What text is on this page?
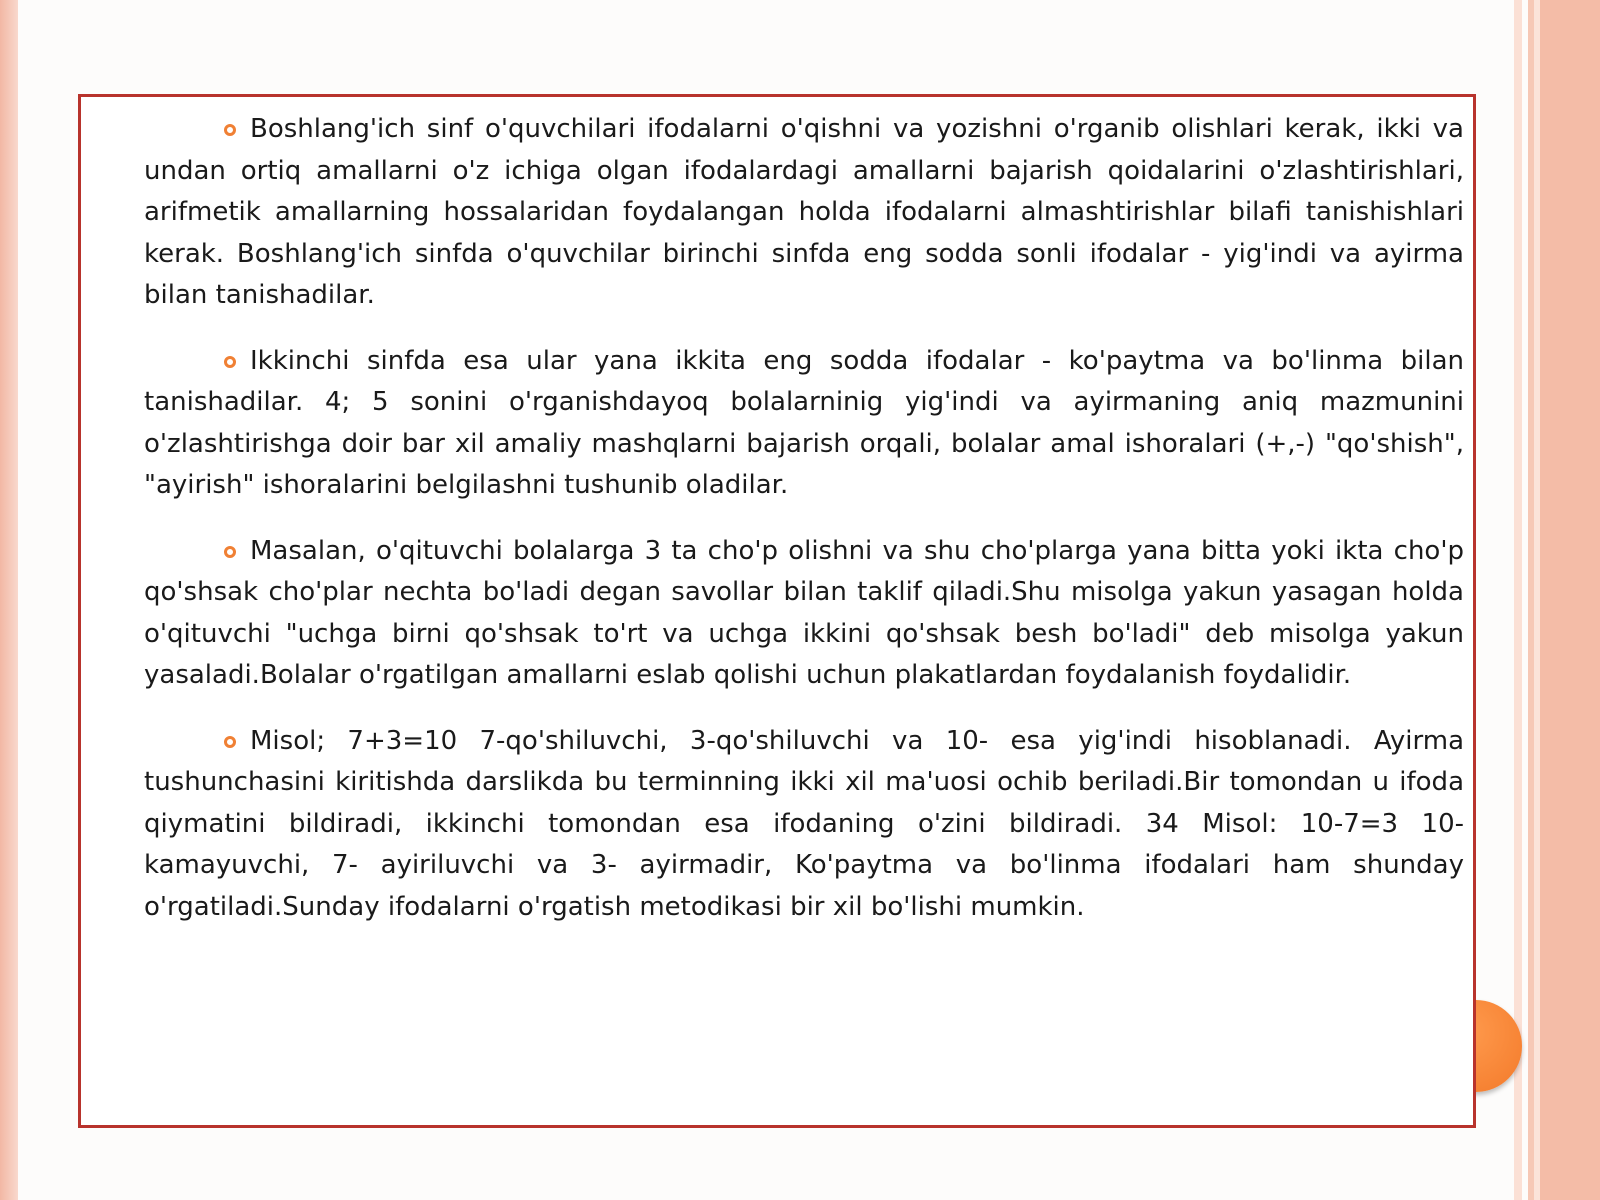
Boshlang'ich sinf o'quvchilari ifodalarni o'qishni va yozishni o'rganib olishlari kerak, ikki va undan ortiq amallarni o'z ichiga olgan ifodalardagi amallarni bajarish qoidalarini o'zlashtirishlari, arifmetik amallarning hossalaridan foydalangan holda ifodalarni almashtirishlar bilafi tanishishlari kerak. Boshlang'ich sinfda o'quvchilar birinchi sinfda eng sodda sonli ifodalar - yig'indi va ayirma bilan tanishadilar.

Ikkinchi sinfda esa ular yana ikkita eng sodda ifodalar - ko'paytma va bo'linma bilan tanishadilar. 4; 5 sonini o'rganishdayoq bolalarninig yig'indi va ayirmaning aniq mazmunini o'zlashtirishga doir bar xil amaliy mashqlarni bajarish orqali, bolalar amal ishoralari (+,-) "qo'shish", "ayirish" ishoralarini belgilashni tushunib oladilar.

Masalan, o'qituvchi bolalarga 3 ta cho'p olishni va shu cho'plarga yana bitta yoki ikta cho'p qo'shsak cho'plar nechta bo'ladi degan savollar bilan taklif qiladi.Shu misolga yakun yasagan holda o'qituvchi "uchga birni qo'shsak to'rt va uchga ikkini qo'shsak besh bo'ladi" deb misolga yakun yasaladi.Bolalar o'rgatilgan amallarni eslab qolishi uchun plakatlardan foydalanish foydalidir.

Misol; 7+3=10 7-qo'shiluvchi, 3-qo'shiluvchi va 10- esa yig'indi hisoblanadi. Ayirma tushunchasini kiritishda darslikda bu terminning ikki xil ma'uosi ochib beriladi.Bir tomondan u ifoda qiymatini bildiradi, ikkinchi tomondan esa ifodaning o'zini bildiradi. 34 Misol: 10-7=3 10- kamayuvchi, 7- ayiriluvchi va 3- ayirmadir, Ko'paytma va bo'linma ifodalari ham shunday o'rgatiladi.Sunday ifodalarni o'rgatish metodikasi bir xil bo'lishi mumkin.
